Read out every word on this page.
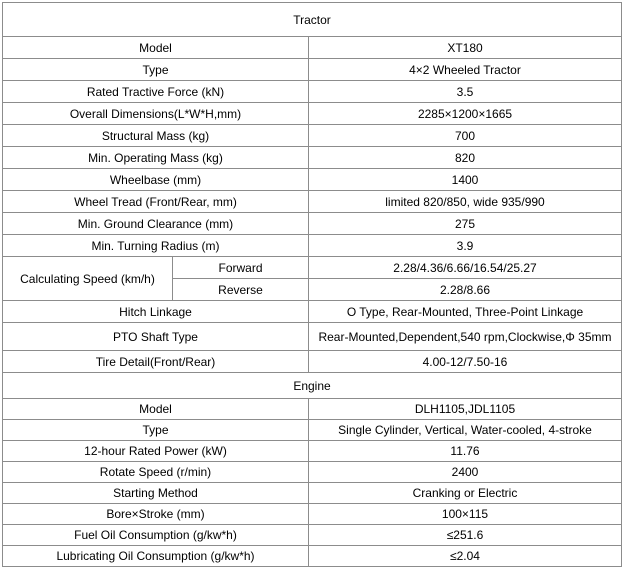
Tractor		
Model		XT180
Type		4×2 Wheeled Tractor
Rated Tractive Force (kN)		3.5
Overall Dimensions(L*W*H,mm)		2285×1200×1665
Structural Mass (kg)		700
Min. Operating Mass (kg)		820
Wheelbase (mm)		1400
Wheel Tread (Front/Rear, mm)		limited 820/850, wide 935/990
Min. Ground Clearance (mm)		275
Min. Turning Radius (m)		3.9
Calculating Speed (km/h)	Forward	2.28/4.36/6.66/16.54/25.27
	Reverse	2.28/8.66
Hitch Linkage		O Type, Rear-Mounted, Three-Point Linkage
PTO Shaft Type		Rear-Mounted,Dependent,540 rpm,Clockwise,Φ 35mm
Tire Detail(Front/Rear)		4.00-12/7.50-16
Engine		
Model		DLH1105,JDL1105
Type		Single Cylinder, Vertical, Water-cooled, 4-stroke
12-hour Rated Power (kW)		11.76
Rotate Speed (r/min)		2400
Starting Method		Cranking or Electric
Bore×Stroke (mm)		100×115
Fuel Oil Consumption (g/kw*h)		≤251.6
Lubricating Oil Consumption (g/kw*h)		≤2.04
